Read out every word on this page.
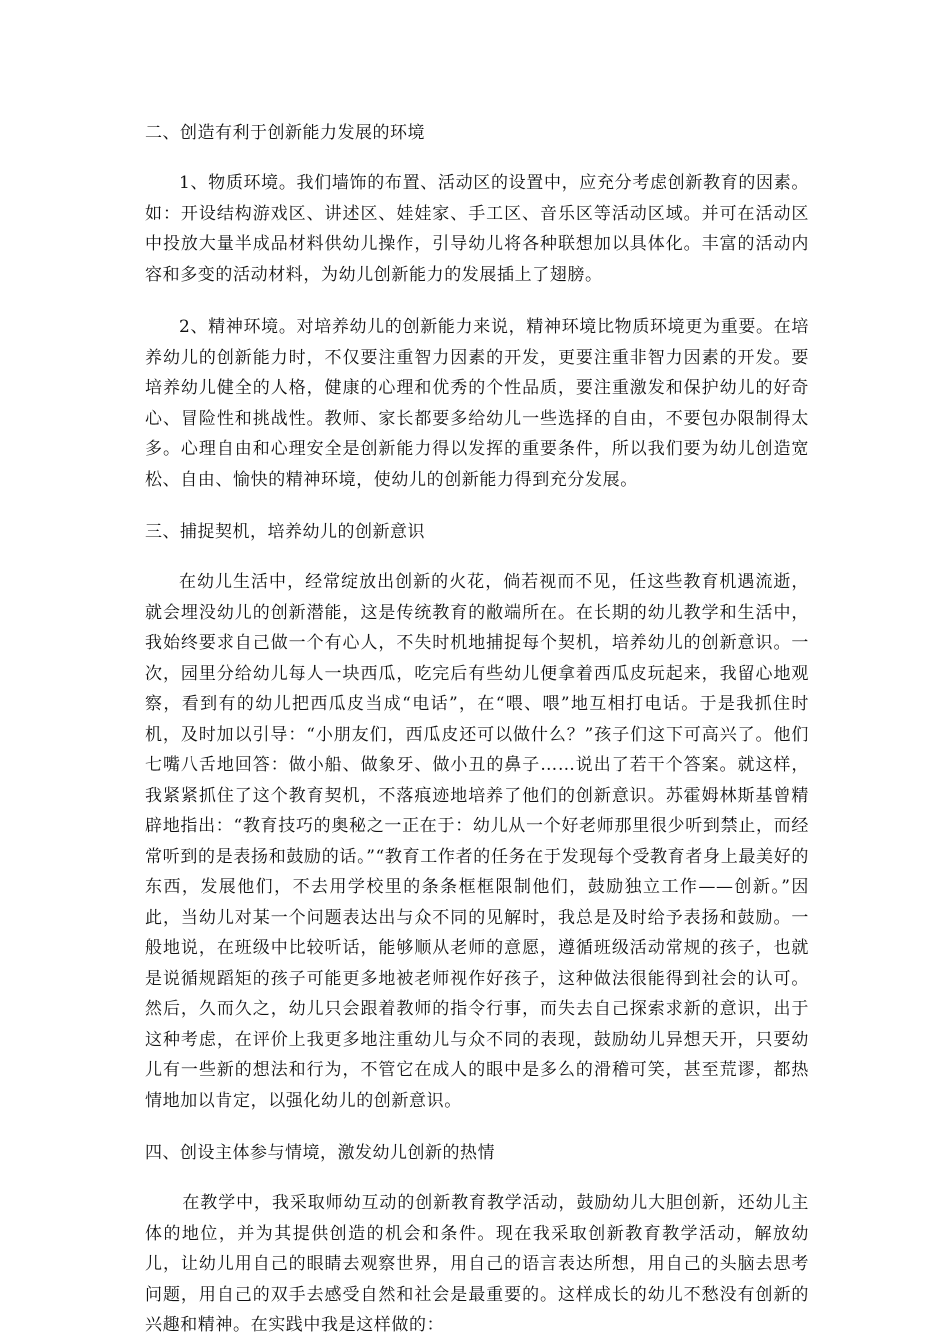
二、创造有利于创新能力发展的环境

1、物质环境。我们墙饰的布置、活动区的设置中，应充分考虑创新教育的因素。如：开设结构游戏区、讲述区、娃娃家、手工区、音乐区等活动区域。并可在活动区中投放大量半成品材料供幼儿操作，引导幼儿将各种联想加以具体化。丰富的活动内容和多变的活动材料，为幼儿创新能力的发展插上了翅膀。

2、精神环境。对培养幼儿的创新能力来说，精神环境比物质环境更为重要。在培养幼儿的创新能力时，不仅要注重智力因素的开发，更要注重非智力因素的开发。要培养幼儿健全的人格，健康的心理和优秀的个性品质，要注重激发和保护幼儿的好奇心、冒险性和挑战性。教师、家长都要多给幼儿一些选择的自由，不要包办限制得太多。心理自由和心理安全是创新能力得以发挥的重要条件，所以我们要为幼儿创造宽松、自由、愉快的精神环境，使幼儿的创新能力得到充分发展。

三、捕捉契机，培养幼儿的创新意识

在幼儿生活中，经常绽放出创新的火花，倘若视而不见，任这些教育机遇流逝，就会埋没幼儿的创新潜能，这是传统教育的敝端所在。在长期的幼儿教学和生活中，我始终要求自己做一个有心人，不失时机地捕捉每个契机，培养幼儿的创新意识。一次，园里分给幼儿每人一块西瓜，吃完后有些幼儿便拿着西瓜皮玩起来，我留心地观察，看到有的幼儿把西瓜皮当成“电话”，在“喂、喂”地互相打电话。于是我抓住时机，及时加以引导：“小朋友们，西瓜皮还可以做什么？”孩子们这下可高兴了。他们七嘴八舌地回答：做小船、做象牙、做小丑的鼻子……说出了若干个答案。就这样，我紧紧抓住了这个教育契机，不落痕迹地培养了他们的创新意识。苏霍姆林斯基曾精辟地指出：“教育技巧的奥秘之一正在于：幼儿从一个好老师那里很少听到禁止，而经常听到的是表扬和鼓励的话。”“教育工作者的任务在于发现每个受教育者身上最美好的东西，发展他们，不去用学校里的条条框框限制他们，鼓励独立工作——创新。”因此，当幼儿对某一个问题表达出与众不同的见解时，我总是及时给予表扬和鼓励。一般地说，在班级中比较听话，能够顺从老师的意愿，遵循班级活动常规的孩子，也就是说循规蹈矩的孩子可能更多地被老师视作好孩子，这种做法很能得到社会的认可。然后，久而久之，幼儿只会跟着教师的指令行事，而失去自己探索求新的意识，出于这种考虑，在评价上我更多地注重幼儿与众不同的表现，鼓励幼儿异想天开，只要幼儿有一些新的想法和行为，不管它在成人的眼中是多么的滑稽可笑，甚至荒谬，都热情地加以肯定，以强化幼儿的创新意识。

四、创设主体参与情境，激发幼儿创新的热情

在教学中，我采取师幼互动的创新教育教学活动，鼓励幼儿大胆创新，还幼儿主体的地位，并为其提供创造的机会和条件。现在我采取创新教育教学活动，解放幼儿，让幼儿用自己的眼睛去观察世界，用自己的语言表达所想，用自己的头脑去思考问题，用自己的双手去感受自然和社会是最重要的。这样成长的幼儿不愁没有创新的兴趣和精神。在实践中我是这样做的：
